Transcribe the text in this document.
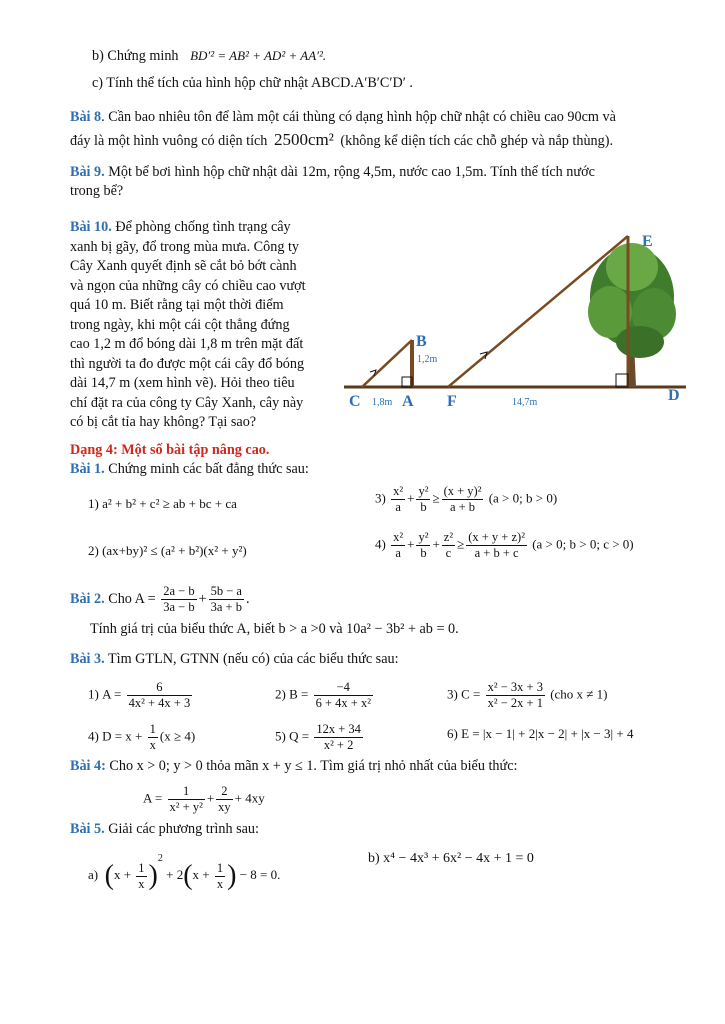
b) Chứng minh BD′² = AB² + AD² + AA′².
c) Tính thể tích của hình hộp chữ nhật ABCD.A′B′C′D′ .
Bài 8. Cần bao nhiêu tôn để làm một cái thùng có dạng hình hộp chữ nhật có chiều cao 90cm và
đáy là một hình vuông có diện tích 2500cm² (không kể diện tích các chỗ ghép và nắp thùng).
Bài 9. Một bể bơi hình hộp chữ nhật dài 12m, rộng 4,5m, nước cao 1,5m. Tính thể tích nước
trong bể?
Bài 10. Để phòng chống tình trạng cây
xanh bị gãy, đổ trong mùa mưa. Công ty
Cây Xanh quyết định sẽ cắt bỏ bớt cành
và ngọn của những cây có chiều cao vượt
quá 10 m. Biết rằng tại một thời điểm
trong ngày, khi một cái cột thẳng đứng
cao 1,2 m đổ bóng dài 1,8 m trên mặt đất
thì người ta đo được một cái cây đổ bóng
dài 14,7 m (xem hình vẽ). Hỏi theo tiêu
chí đặt ra của công ty Cây Xanh, cây này
có bị cắt tỉa hay không? Tại sao?
B
1,2m
C 1,8m A F	14,7m	D
E
Dạng 4: Một số bài tập nâng cao.
Bài 1. Chứng minh các bất đẳng thức sau:
1) a² + b² + c² ≥ ab + bc + ca	$3) \frac{\text{x²}}{a} + \frac{\text{y²}}{b} \ge \frac{\text{(x + y)²}}{a + b} (a > 0$; b > 0)
2) (ax+by)² ≤ (a² + b²)(x² + y²)	$4) \frac{\text{x²}}{a} + \frac{\text{y²}}{b} + \frac{\text{z²}}{c} \ge \frac{\text{(x + y + z)²}}{a + b + c} (a > 0$; b > 0; c > 0)
Bài 2. Cho $A = \frac{2a - b}{3a - b} + \frac{5b - a}{3a + b}$ .
Tính giá trị của biểu thức A, biết b > a >0 và 10a² − 3b² + ab = 0.
Bài 3. Tìm GTLN, GTNN (nếu có) của các biểu thức sau:
1) $A = \frac{6}{\text{4x² + 4x + 3}}$	2) $B = \frac{-4}{\text{6 + 4x + x²}}$	3) $C = \frac{\text{x² − 3x + 3}}{\text{x² − 2x + 1}} (cho$ x ≠ 1)
4) $D = x + \frac{1}{x} (x \ge 4)$	5) $Q = \frac{12x + 34}{\text{x² + 2}}$	6) E = |x − 1| + 2|x − 2| + |x − 3| + 4
Bài 4: Cho x > 0; y > 0 thỏa mãn x + y ≤ 1. Tìm giá trị nhỏ nhất của biểu thức:
$A = \frac{1}{\text{x² + y²}} + \frac{2}{xy} + 4xy$
Bài 5. Giải các phương trình sau:
a)  $(x + \frac{1}{x} )^2 + 2(x + \frac{1}{x}$ ) − 8 = 0.
b) x⁴ − 4x³ + 6x² − 4x + 1 = 0
